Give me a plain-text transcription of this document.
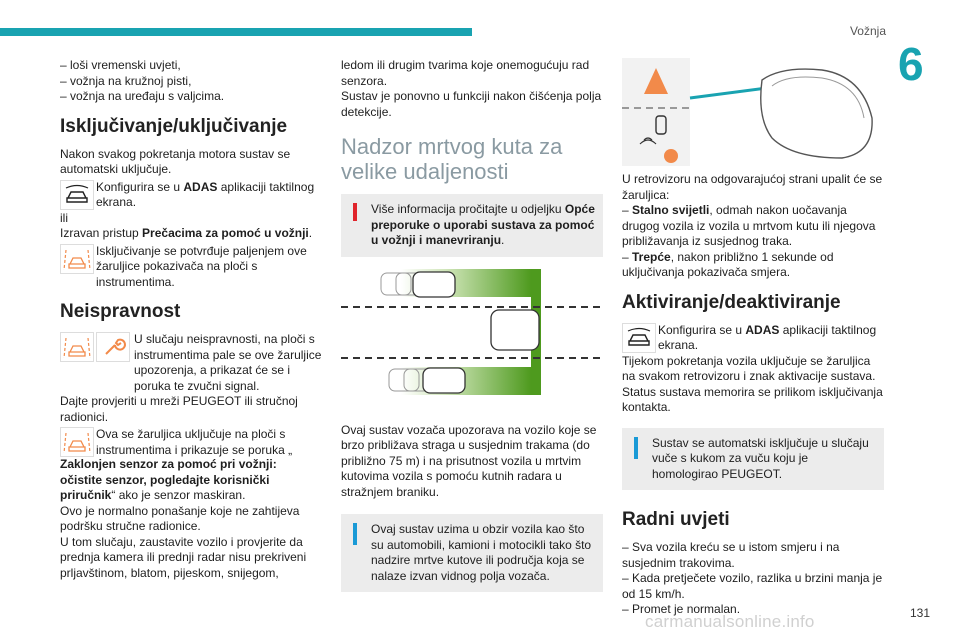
Vožnja
6
131
carmanualsonline.info

– loši vremenski uvjeti,

– vožnja na kružnoj pisti,

– vožnja na uređaju s valjcima.

Isključivanje/uključivanje

Nakon svakog pokretanja motora sustav se automatski uključuje.

Konfigurira se u ADAS aplikaciji taktilnog ekrana.

ili

Izravan pristup Prečacima za pomoć u vožnji.

Isključivanje se potvrđuje paljenjem ove žaruljice pokazivača na ploči s instrumentima.

Neispravnost

U slučaju neispravnosti, na ploči s instrumentima pale se ove žaruljice upozorenja, a prikazat će se i poruka te zvučni signal.

Dajte provjeriti u mreži PEUGEOT ili stručnoj radionici.

Ova se žaruljica uključuje na ploči s instrumentima i prikazuje se poruka „

Zaklonjen senzor za pomoć pri vožnji: očistite senzor, pogledajte korisnički priručnik“ ako je senzor maskiran.

Ovo je normalno ponašanje koje ne zahtijeva podršku stručne radionice.

U tom slučaju, zaustavite vozilo i provjerite da prednja kamera ili prednji radar nisu prekriveni prljavštinom, blatom, pijeskom, snijegom,

ledom ili drugim tvarima koje onemogućuju rad senzora.

Sustav je ponovno u funkciji nakon čišćenja polja detekcije.

Nadzor mrtvog kuta za velike udaljenosti

Više informacija pročitajte u odjeljku Opće preporuke o uporabi sustava za pomoć u vožnji i manevriranju.

Ovaj sustav vozača upozorava na vozilo koje se brzo približava straga u susjednim trakama (do približno 75 m) i na prisutnost vozila u mrtvim kutovima vozila s pomoću kutnih radara u stražnjem braniku.

Ovaj sustav uzima u obzir vozila kao što su automobili, kamioni i motocikli tako što nadzire mrtve kutove ili područja koja se nalaze izvan vidnog polja vozača.

U retrovizoru na odgovarajućoj strani upalit će se žaruljica:

– Stalno svijetli, odmah nakon uočavanja drugog vozila iz vozila u mrtvom kutu ili njegova približavanja iz susjednog traka.

– Trepće, nakon približno 1 sekunde od uključivanja pokazivača smjera.

Aktiviranje/deaktiviranje

Konfigurira se u ADAS aplikaciji taktilnog ekrana.

Tijekom pokretanja vozila uključuje se žaruljica na svakom retrovizoru i znak aktivacije sustava.

Status sustava memorira se prilikom isključivanja kontakta.

Sustav se automatski isključuje u slučaju vuče s kukom za vuču koju je homologirao PEUGEOT.

Radni uvjeti

– Sva vozila kreću se u istom smjeru i na susjednim trakovima.

– Kada pretječete vozilo, razlika u brzini manja je od 15 km/h.

– Promet je normalan.
